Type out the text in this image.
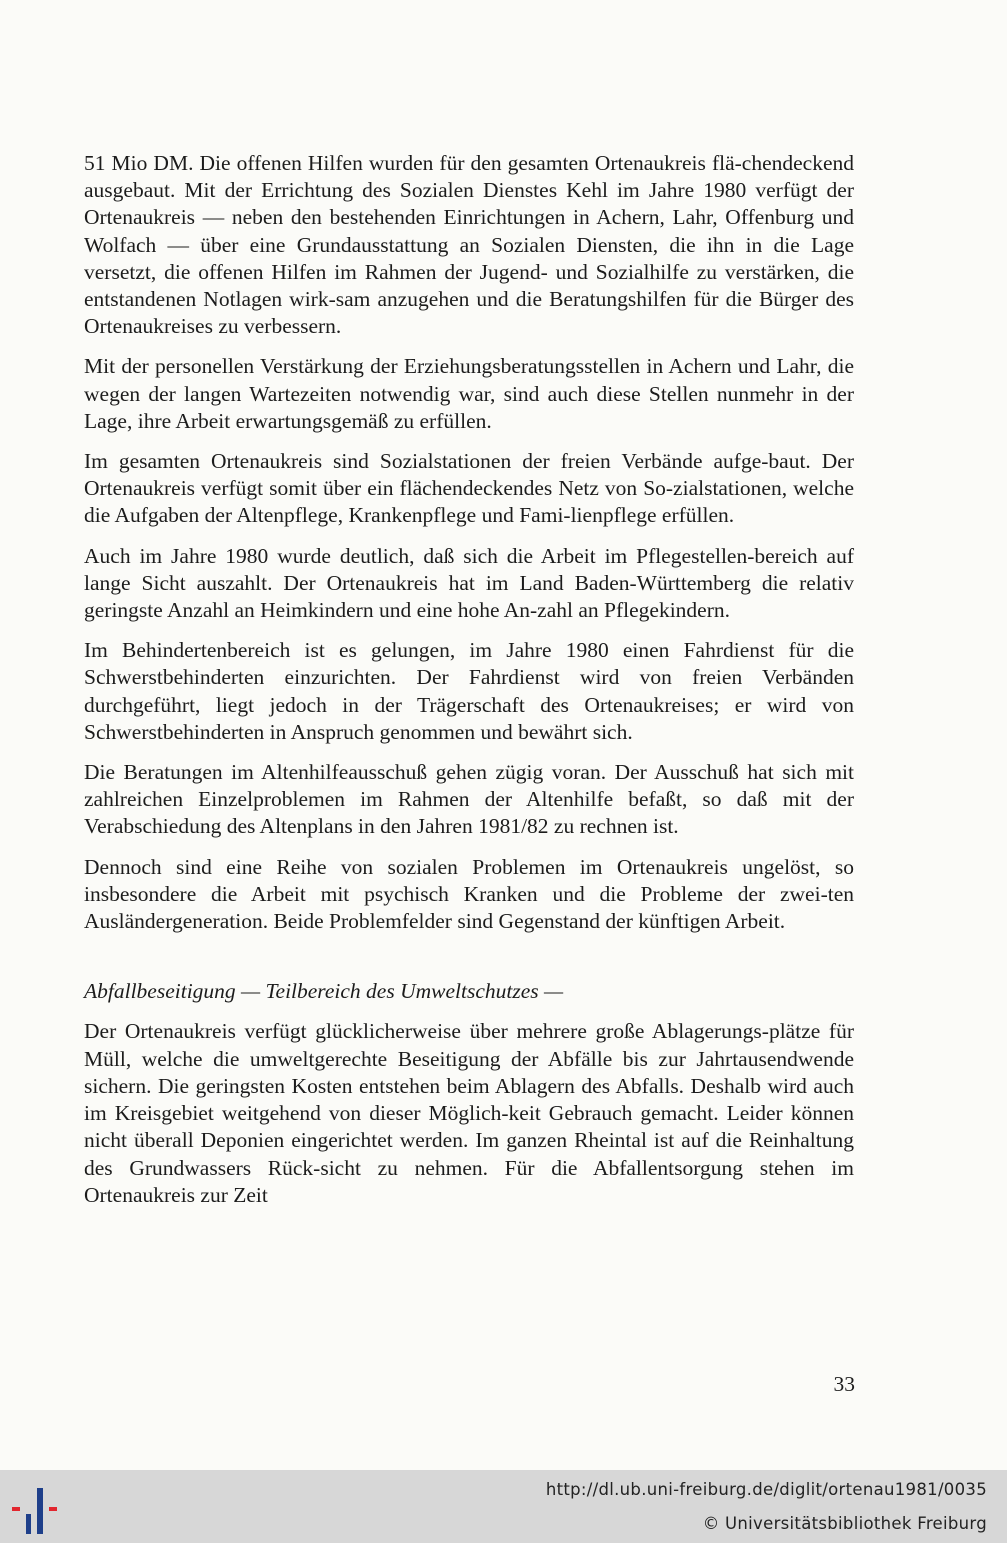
51 Mio DM. Die offenen Hilfen wurden für den gesamten Ortenaukreis flä-chendeckend ausgebaut. Mit der Errichtung des Sozialen Dienstes Kehl im Jahre 1980 verfügt der Ortenaukreis — neben den bestehenden Einrichtungen in Achern, Lahr, Offenburg und Wolfach — über eine Grundausstattung an Sozialen Diensten, die ihn in die Lage versetzt, die offenen Hilfen im Rahmen der Jugend- und Sozialhilfe zu verstärken, die entstandenen Notlagen wirk-sam anzugehen und die Beratungshilfen für die Bürger des Ortenaukreises zu verbessern.

Mit der personellen Verstärkung der Erziehungsberatungsstellen in Achern und Lahr, die wegen der langen Wartezeiten notwendig war, sind auch diese Stellen nunmehr in der Lage, ihre Arbeit erwartungsgemäß zu erfüllen.

Im gesamten Ortenaukreis sind Sozialstationen der freien Verbände aufge-baut. Der Ortenaukreis verfügt somit über ein flächendeckendes Netz von So-zialstationen, welche die Aufgaben der Altenpflege, Krankenpflege und Fami-lienpflege erfüllen.

Auch im Jahre 1980 wurde deutlich, daß sich die Arbeit im Pflegestellen-bereich auf lange Sicht auszahlt. Der Ortenaukreis hat im Land Baden-Württemberg die relativ geringste Anzahl an Heimkindern und eine hohe An-zahl an Pflegekindern.

Im Behindertenbereich ist es gelungen, im Jahre 1980 einen Fahrdienst für die Schwerstbehinderten einzurichten. Der Fahrdienst wird von freien Verbänden durchgeführt, liegt jedoch in der Trägerschaft des Ortenaukreises; er wird von Schwerstbehinderten in Anspruch genommen und bewährt sich.

Die Beratungen im Altenhilfeausschuß gehen zügig voran. Der Ausschuß hat sich mit zahlreichen Einzelproblemen im Rahmen der Altenhilfe befaßt, so daß mit der Verabschiedung des Altenplans in den Jahren 1981/82 zu rechnen ist.

Dennoch sind eine Reihe von sozialen Problemen im Ortenaukreis ungelöst, so insbesondere die Arbeit mit psychisch Kranken und die Probleme der zwei-ten Ausländergeneration. Beide Problemfelder sind Gegenstand der künftigen Arbeit.

Abfallbeseitigung — Teilbereich des Umweltschutzes —

Der Ortenaukreis verfügt glücklicherweise über mehrere große Ablagerungs-plätze für Müll, welche die umweltgerechte Beseitigung der Abfälle bis zur Jahrtausendwende sichern. Die geringsten Kosten entstehen beim Ablagern des Abfalls. Deshalb wird auch im Kreisgebiet weitgehend von dieser Möglich-keit Gebrauch gemacht. Leider können nicht überall Deponien eingerichtet werden. Im ganzen Rheintal ist auf die Reinhaltung des Grundwassers Rück-sicht zu nehmen. Für die Abfallentsorgung stehen im Ortenaukreis zur Zeit

33
http://dl.ub.uni-freiburg.de/diglit/ortenau1981/0035
© Universitätsbibliothek Freiburg
